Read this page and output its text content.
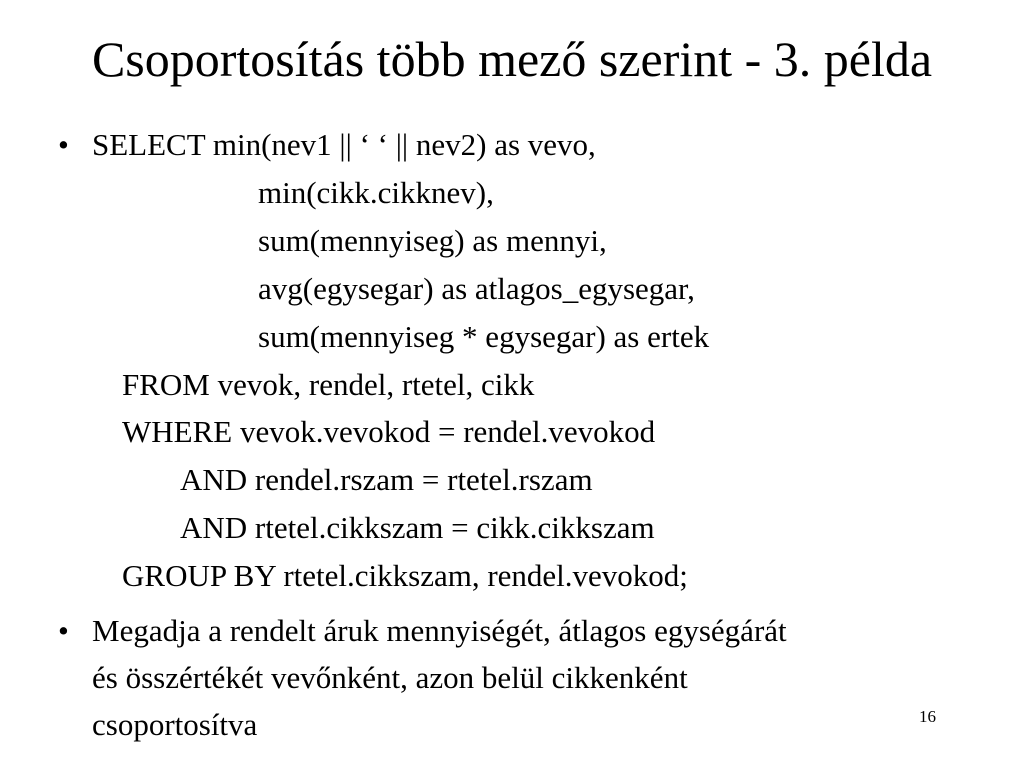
Csoportosítás több mező szerint - 3. példa
• SELECT min(nev1 || ‘ ‘ || nev2) as vevo,
min(cikk.cikknev),
sum(mennyiseg) as mennyi,
avg(egysegar) as atlagos_egysegar,
sum(mennyiseg * egysegar) as ertek
FROM vevok, rendel, rtetel, cikk
WHERE vevok.vevokod = rendel.vevokod
AND rendel.rszam = rtetel.rszam
AND rtetel.cikkszam = cikk.cikkszam
GROUP BY rtetel.cikkszam, rendel.vevokod;
• Megadja a rendelt áruk mennyiségét, átlagos egységárát
és összértékét vevőnként, azon belül cikkenként
csoportosítva	16
